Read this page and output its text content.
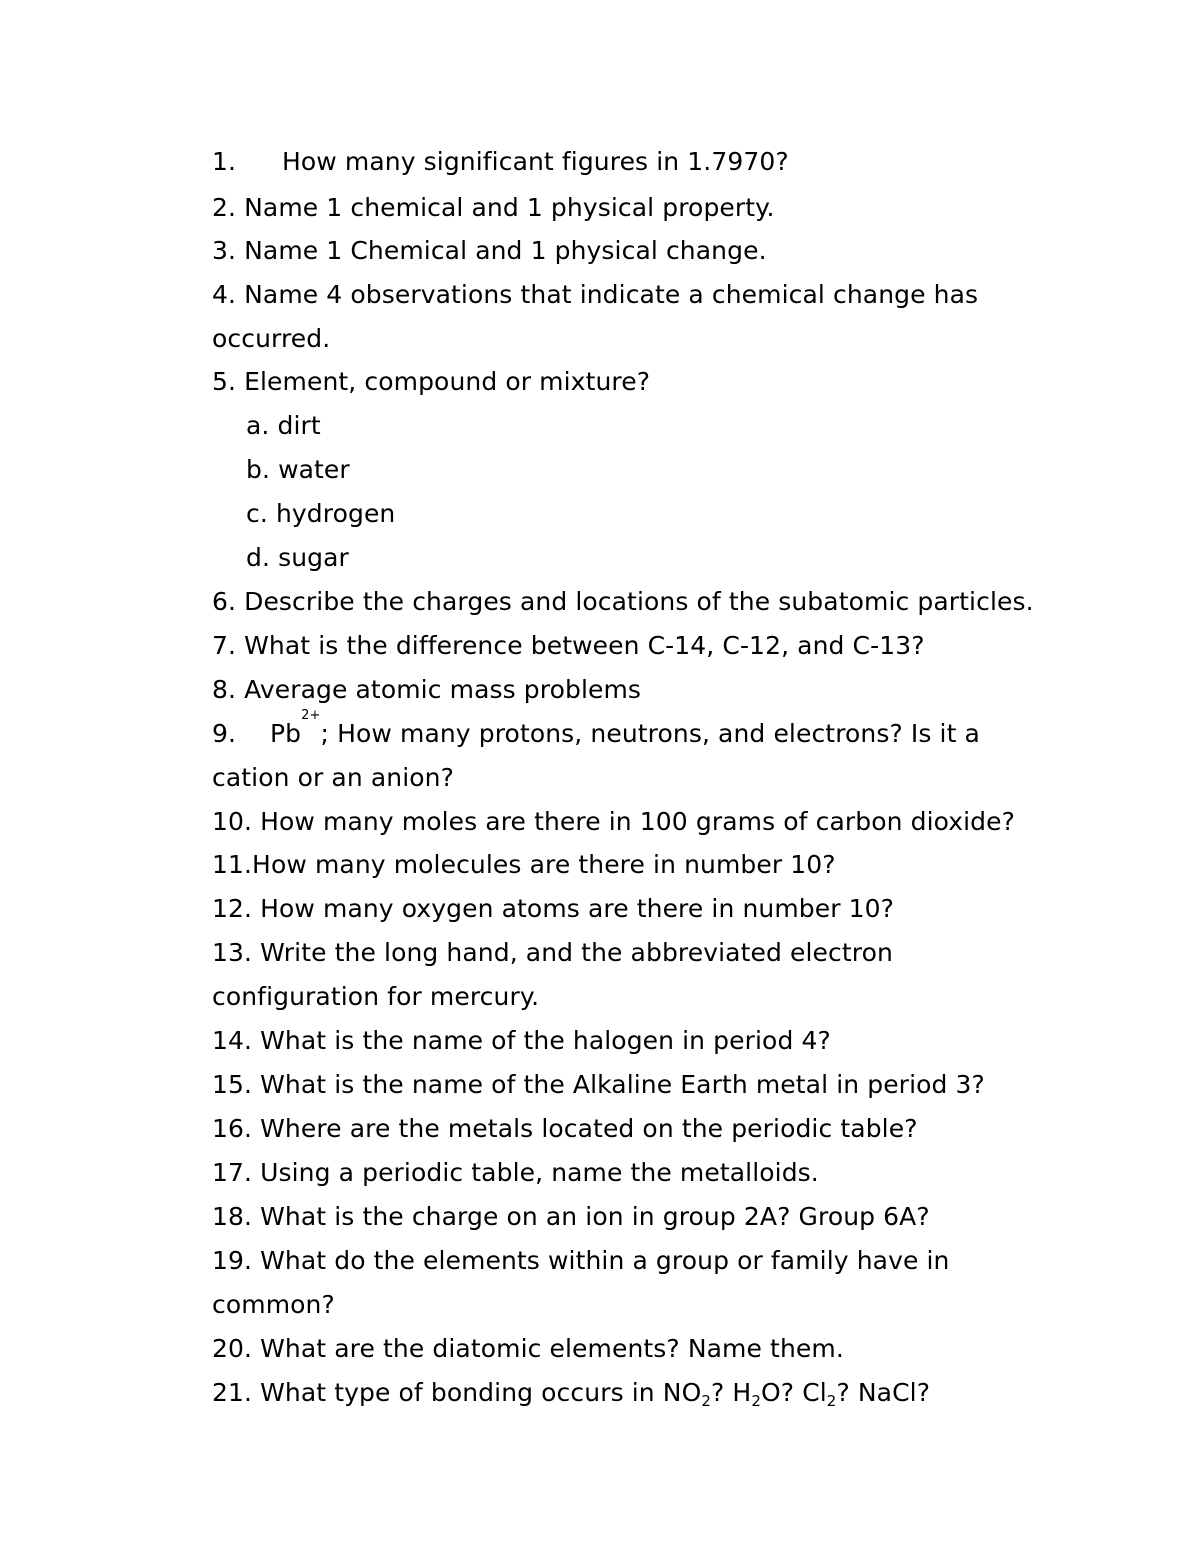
1. How many significant figures in 1.7970?
2. Name 1 chemical and 1 physical property.
3. Name 1 Chemical and 1 physical change.
4. Name 4 observations that indicate a chemical change has
occurred.
5. Element, compound or mixture?
a. dirt
b. water
c. hydrogen
d. sugar
6. Describe the charges and locations of the subatomic particles.
7. What is the difference between C-14, C-12, and C-13?
8. Average atomic mass problems
9. $Pb^{2+}$; How many protons, neutrons, and electrons? Is it a
cation or an anion?
10. How many moles are there in 100 grams of carbon dioxide?
11.How many molecules are there in number 10?
12. How many oxygen atoms are there in number 10?
13. Write the long hand, and the abbreviated electron
configuration for mercury.
14. What is the name of the halogen in period 4?
15. What is the name of the Alkaline Earth metal in period 3?
16. Where are the metals located on the periodic table?
17. Using a periodic table, name the metalloids.
18. What is the charge on an ion in group 2A? Group 6A?
19. What do the elements within a group or family have in
common?
20. What are the diatomic elements? Name them.
21. What type of bonding occurs in $NO_2$? $H_2O$? $Cl_2$? NaCl?
